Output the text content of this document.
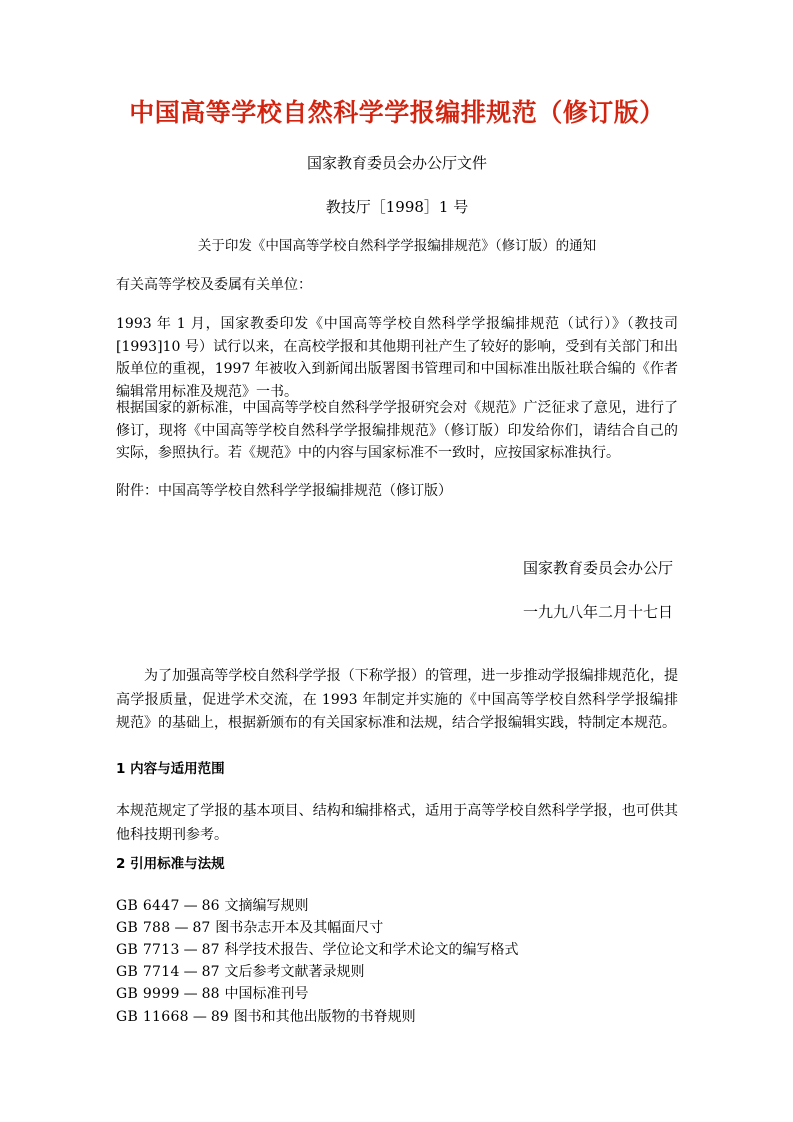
中国高等学校自然科学学报编排规范（修订版）
国家教育委员会办公厅文件
教技厅［1998］1 号
关于印发《中国高等学校自然科学学报编排规范》（修订版）的通知
有关高等学校及委属有关单位：
1993 年 1 月，国家教委印发《中国高等学校自然科学学报编排规范（试行）》（教技司[1993]10 号）试行以来，在高校学报和其他期刊社产生了较好的影响，受到有关部门和出版单位的重视，1997 年被收入到新闻出版署图书管理司和中国标准出版社联合编的《作者编辑常用标准及规范》一书。
根据国家的新标准，中国高等学校自然科学学报研究会对《规范》广泛征求了意见，进行了修订，现将《中国高等学校自然科学学报编排规范》（修订版）印发给你们，请结合自己的实际，参照执行。若《规范》中的内容与国家标准不一致时，应按国家标准执行。
附件：中国高等学校自然科学学报编排规范（修订版）
国家教育委员会办公厅
一九九八年二月十七日
为了加强高等学校自然科学学报（下称学报）的管理，进一步推动学报编排规范化，提高学报质量，促进学术交流，在 1993 年制定并实施的《中国高等学校自然科学学报编排规范》的基础上，根据新颁布的有关国家标准和法规，结合学报编辑实践，特制定本规范。
1 内容与适用范围
本规范规定了学报的基本项目、结构和编排格式，适用于高等学校自然科学学报，也可供其他科技期刊参考。
2 引用标准与法规
GB 6447 — 86 文摘编写规则
GB 788 — 87 图书杂志开本及其幅面尺寸
GB 7713 — 87 科学技术报告、学位论文和学术论文的编写格式
GB 7714 — 87 文后参考文献著录规则
GB 9999 — 88 中国标准刊号
GB 11668 — 89 图书和其他出版物的书脊规则
